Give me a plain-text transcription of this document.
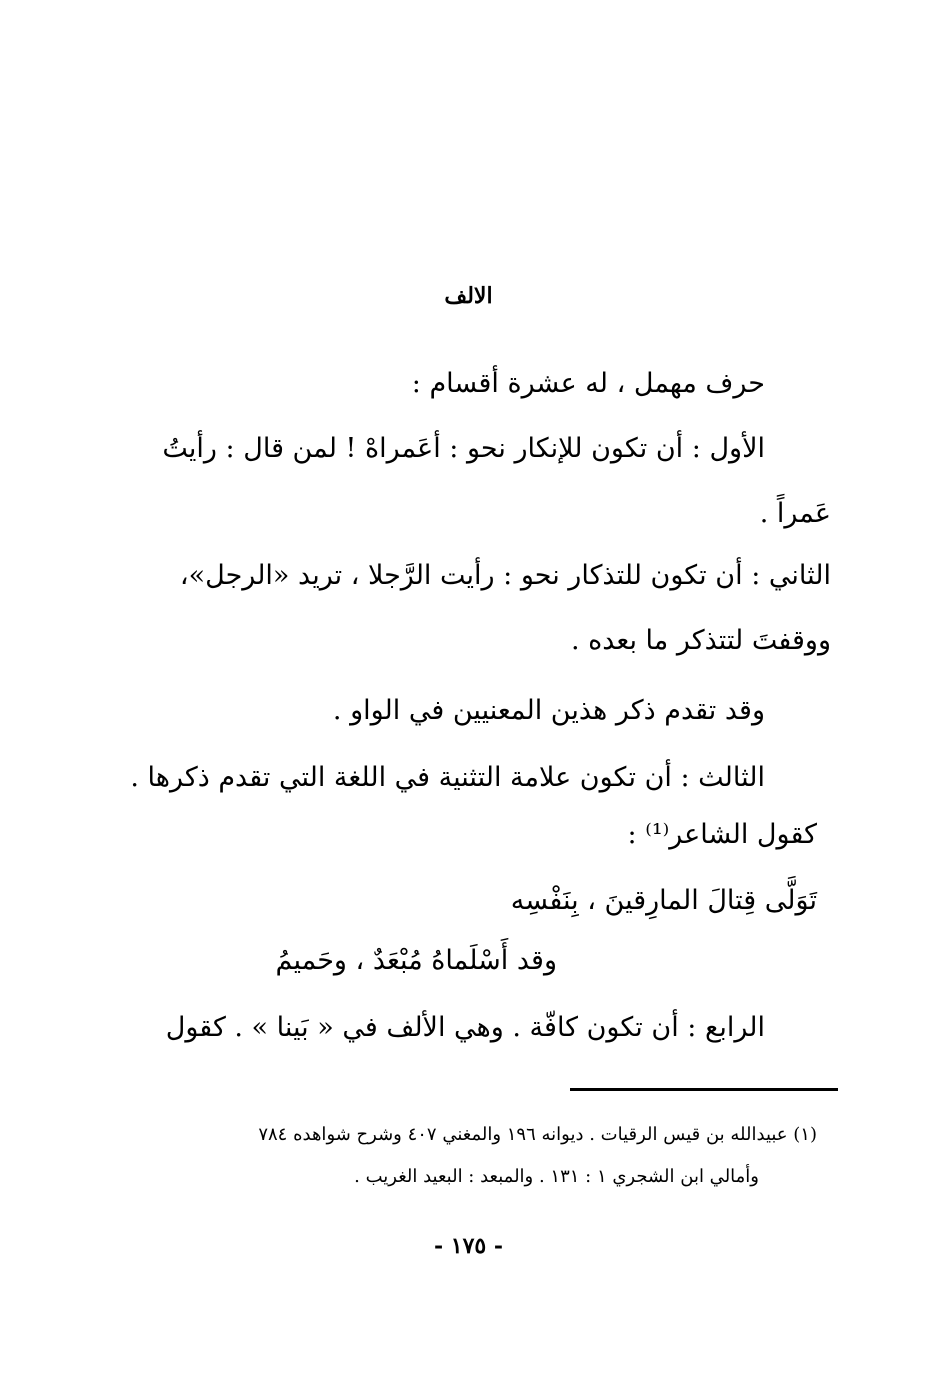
الالف
حرف مهمل ، له عشرة أقسام :
الأول : أن تكون للإنكار نحو : أعَمراهْ ! لمن قال : رأيتُ
عَمراً .
الثاني : أن تكون للتذكار نحو : رأيت الرَّجلا ، تريد «الرجل»،
ووقفتَ لتتذكر ما بعده .
وقد تقدم ذكر هذين المعنيين في الواو .
الثالث : أن تكون علامة التثنية في اللغة التي تقدم ذكرها .
كقول الشاعر⁽¹⁾ :
تَوَلَّى قِتالَ المارِقينَ ، بِنَفْسِه
وقد أَسْلَماهُ مُبْعَدٌ ، وحَميمُ
الرابع : أن تكون كافّة . وهي الألف في « بَينا » . كقول
(١) عبيدالله بن قيس الرقيات . ديوانه ١٩٦ والمغني ٤٠٧ وشرح شواهده ٧٨٤
وأمالي ابن الشجري ١ : ١٣١ . والمبعد : البعيد الغريب .
- ١٧٥ -
